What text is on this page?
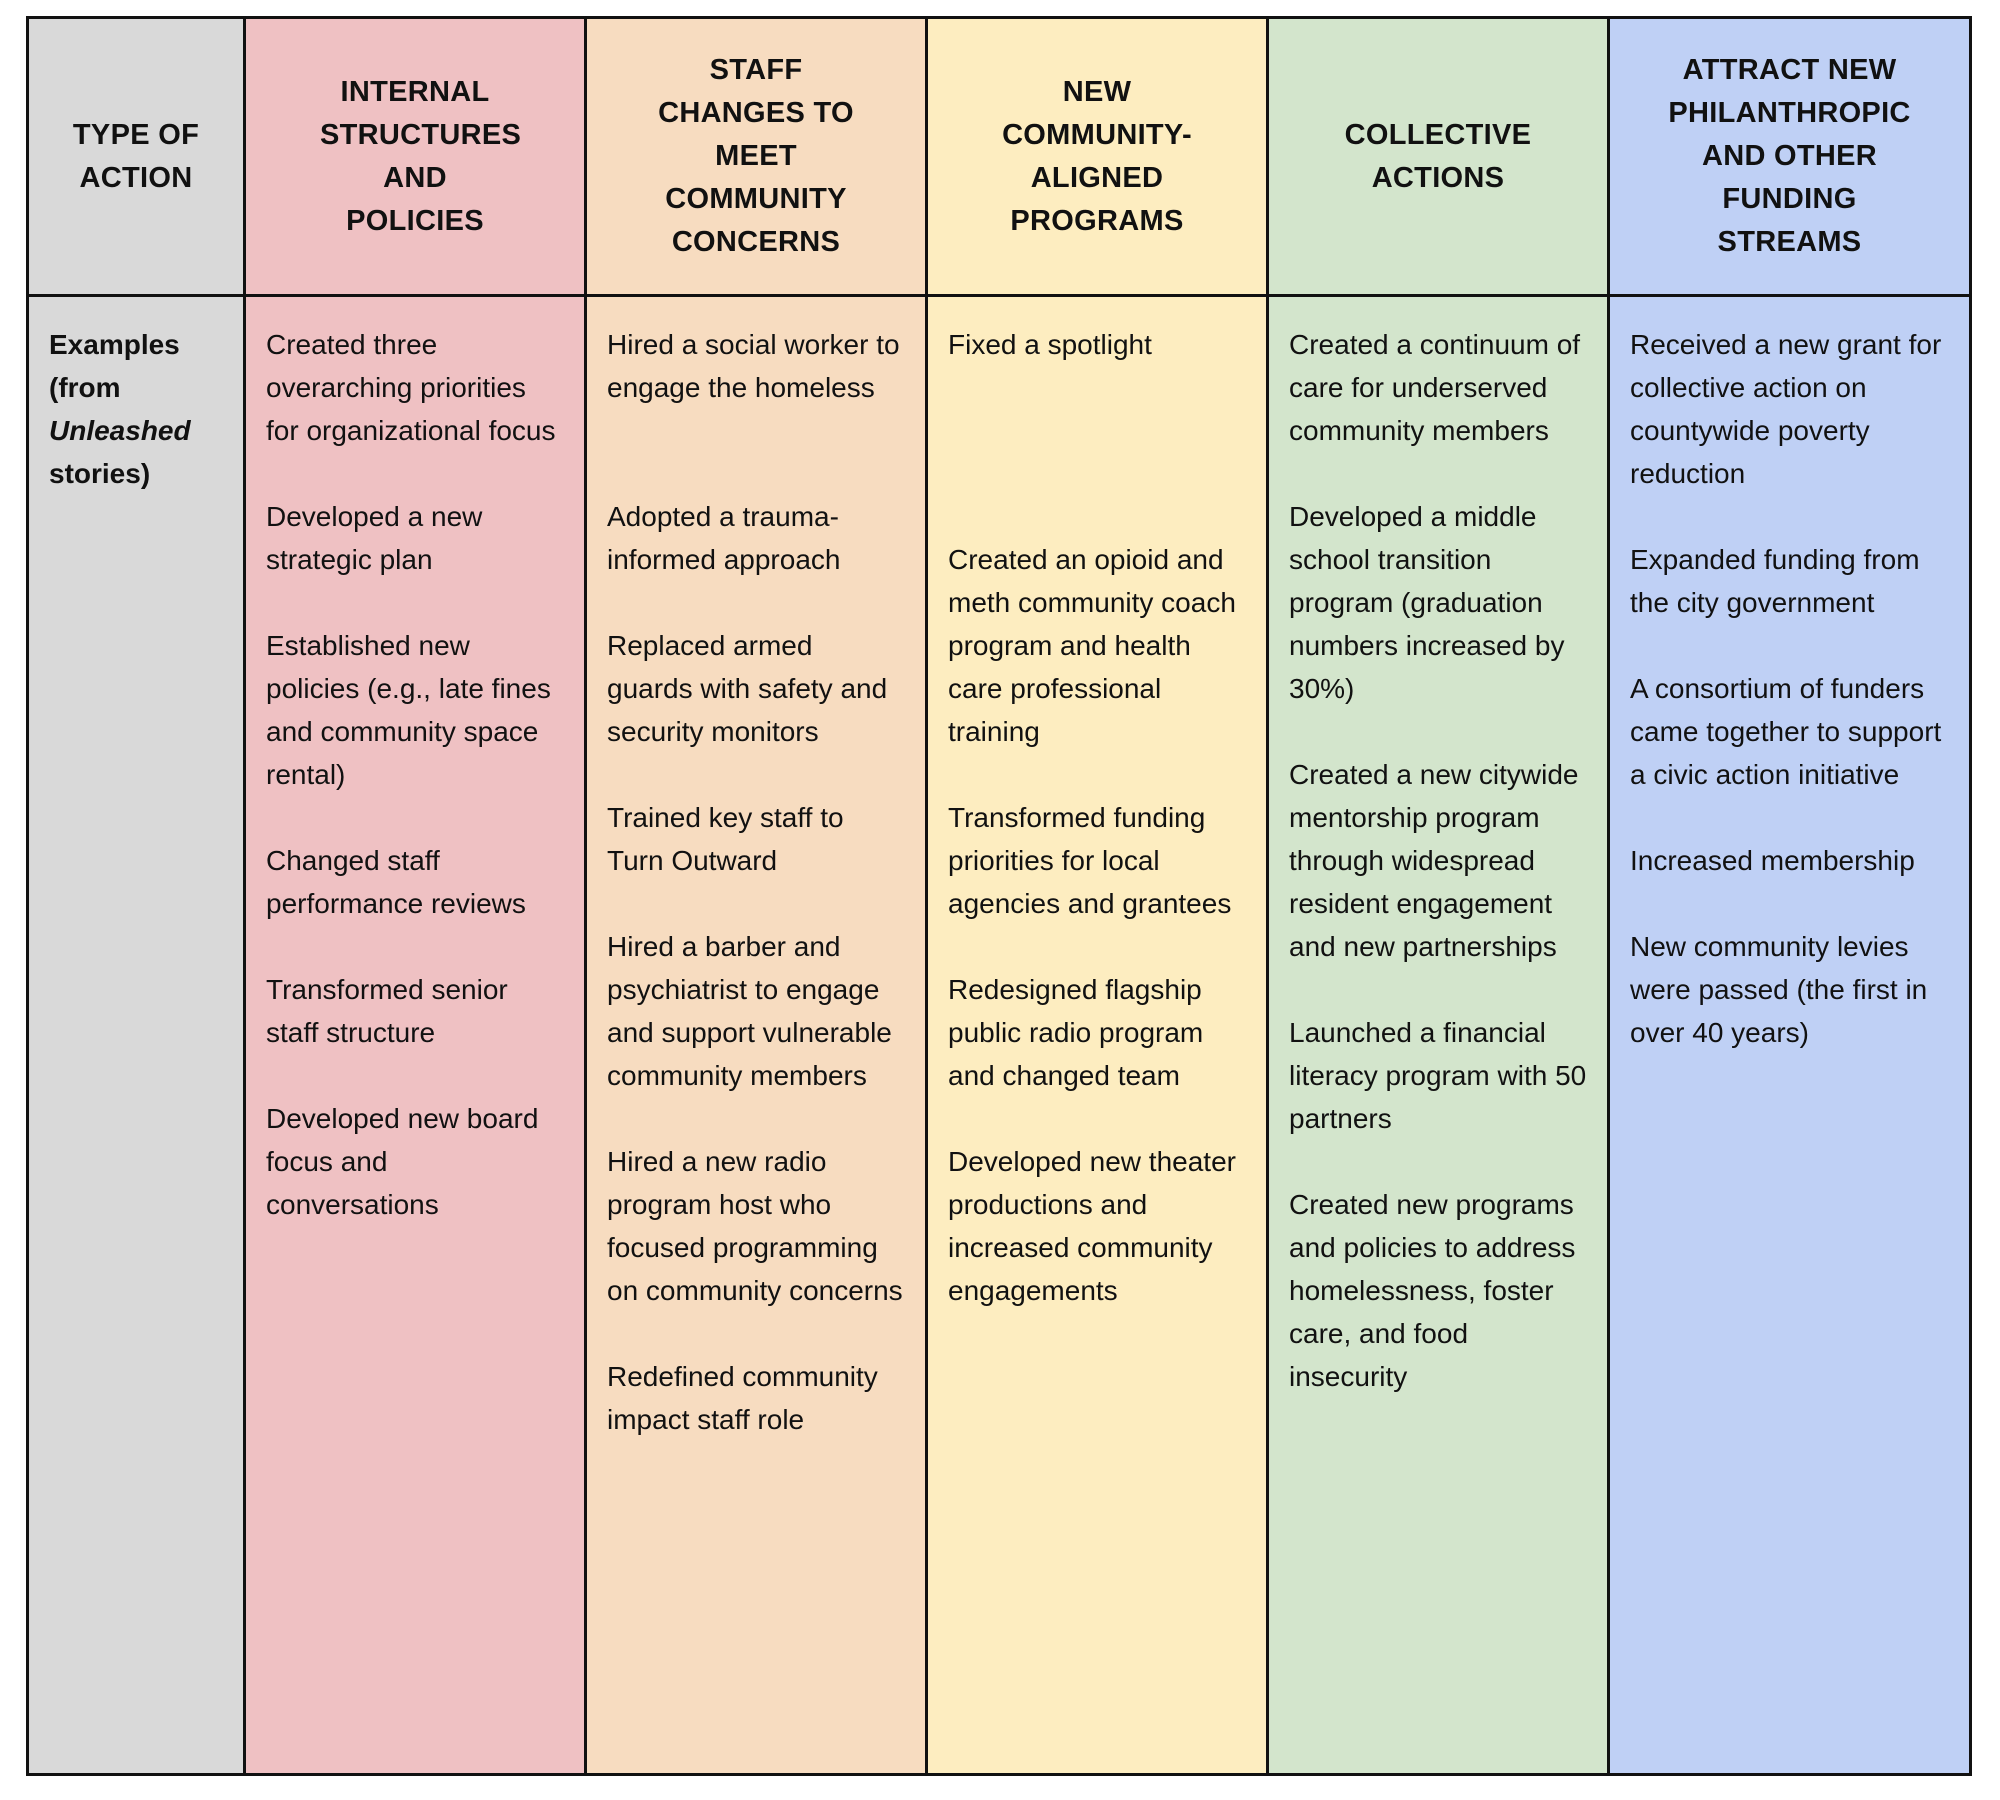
TYPE OF ACTION
Examples
(from
Unleashed
stories)
INTERNAL STRUCTURES AND POLICIES
Created three overarching priorities for organizational focus
Developed a new strategic plan
Established new policies (e.g., late fines and community space rental)
Changed staff performance reviews
Transformed senior staff structure
Developed new board focus and conversations
STAFF CHANGES TO MEET COMMUNITY CONCERNS
Hired a social worker to engage the homeless
Adopted a trauma-informed approach
Replaced armed guards with safety and security monitors
Trained key staff to Turn Outward
Hired a barber and psychiatrist to engage and support vulnerable community members
Hired a new radio program host who focused programming on community concerns
Redefined community impact staff role
NEW COMMUNITY-ALIGNED PROGRAMS
Fixed a spotlight
Created an opioid and meth community coach program and health care professional training
Transformed funding priorities for local agencies and grantees
Redesigned flagship public radio program and changed team
Developed new theater productions and increased community engagements
COLLECTIVE ACTIONS
Created a continuum of care for underserved community members
Developed a middle school transition program (graduation numbers increased by 30%)
Created a new citywide mentorship program through widespread resident engagement and new partnerships
Launched a financial literacy program with 50 partners
Created new programs and policies to address homelessness, foster care, and food insecurity
ATTRACT NEW PHILANTHROPIC AND OTHER FUNDING STREAMS
Received a new grant for collective action on countywide poverty reduction
Expanded funding from the city government
A consortium of funders came together to support a civic action initiative
Increased membership
New community levies were passed (the first in over 40 years)
